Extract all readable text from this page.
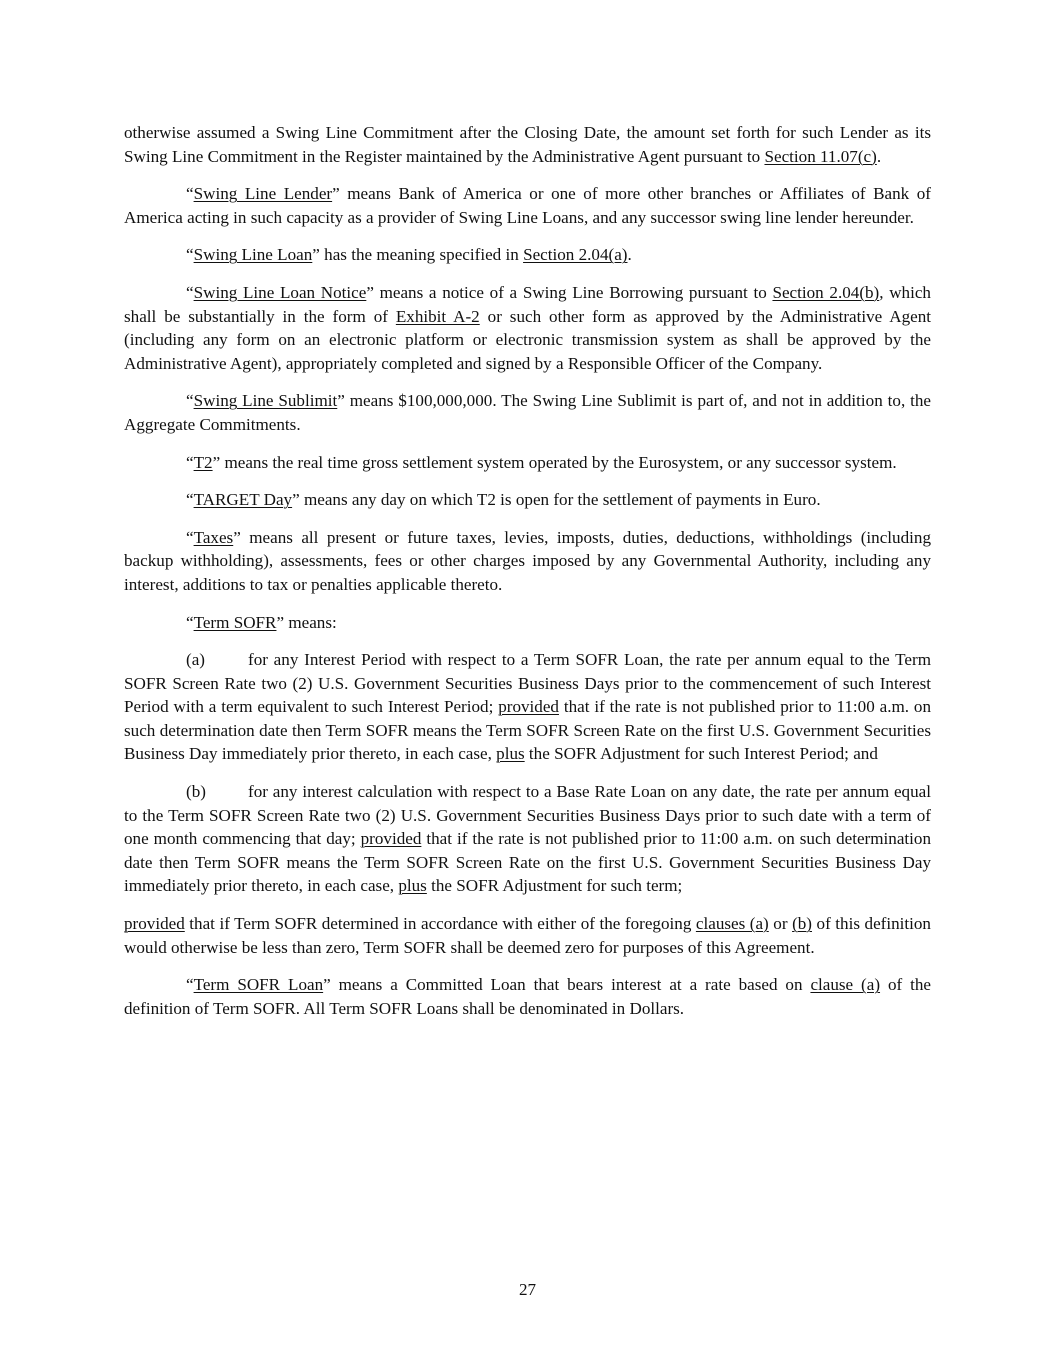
otherwise assumed a Swing Line Commitment after the Closing Date, the amount set forth for such Lender as its Swing Line Commitment in the Register maintained by the Administrative Agent pursuant to Section 11.07(c).

“Swing Line Lender” means Bank of America or one of more other branches or Affiliates of Bank of America acting in such capacity as a provider of Swing Line Loans, and any successor swing line lender hereunder.

“Swing Line Loan” has the meaning specified in Section 2.04(a).

“Swing Line Loan Notice” means a notice of a Swing Line Borrowing pursuant to Section 2.04(b), which shall be substantially in the form of Exhibit A-2 or such other form as approved by the Administrative Agent (including any form on an electronic platform or electronic transmission system as shall be approved by the Administrative Agent), appropriately completed and signed by a Responsible Officer of the Company.

“Swing Line Sublimit” means $100,000,000. The Swing Line Sublimit is part of, and not in addition to, the Aggregate Commitments.

“T2” means the real time gross settlement system operated by the Eurosystem, or any successor system.

“TARGET Day” means any day on which T2 is open for the settlement of payments in Euro.

“Taxes” means all present or future taxes, levies, imposts, duties, deductions, withholdings (including backup withholding), assessments, fees or other charges imposed by any Governmental Authority, including any interest, additions to tax or penalties applicable thereto.

“Term SOFR” means:

(a)	for any Interest Period with respect to a Term SOFR Loan, the rate per annum equal to the Term SOFR Screen Rate two (2) U.S. Government Securities Business Days prior to the commencement of such Interest Period with a term equivalent to such Interest Period; provided that if the rate is not published prior to 11:00 a.m. on such determination date then Term SOFR means the Term SOFR Screen Rate on the first U.S. Government Securities Business Day immediately prior thereto, in each case, plus the SOFR Adjustment for such Interest Period; and

(b) for any interest calculation with respect to a Base Rate Loan on any date, the rate per annum equal to the Term SOFR Screen Rate two (2) U.S. Government Securities Business Days prior to such date with a term of one month commencing that day; provided that if the rate is not published prior to 11:00 a.m. on such determination date then Term SOFR means the Term SOFR Screen Rate on the first U.S. Government Securities Business Day immediately prior thereto, in each case, plus the SOFR Adjustment for such term;

provided that if Term SOFR determined in accordance with either of the foregoing clauses (a) or (b) of this definition would otherwise be less than zero, Term SOFR shall be deemed zero for purposes of this Agreement.

“Term SOFR Loan” means a Committed Loan that bears interest at a rate based on clause (a) of the definition of Term SOFR. All Term SOFR Loans shall be denominated in Dollars.

27
